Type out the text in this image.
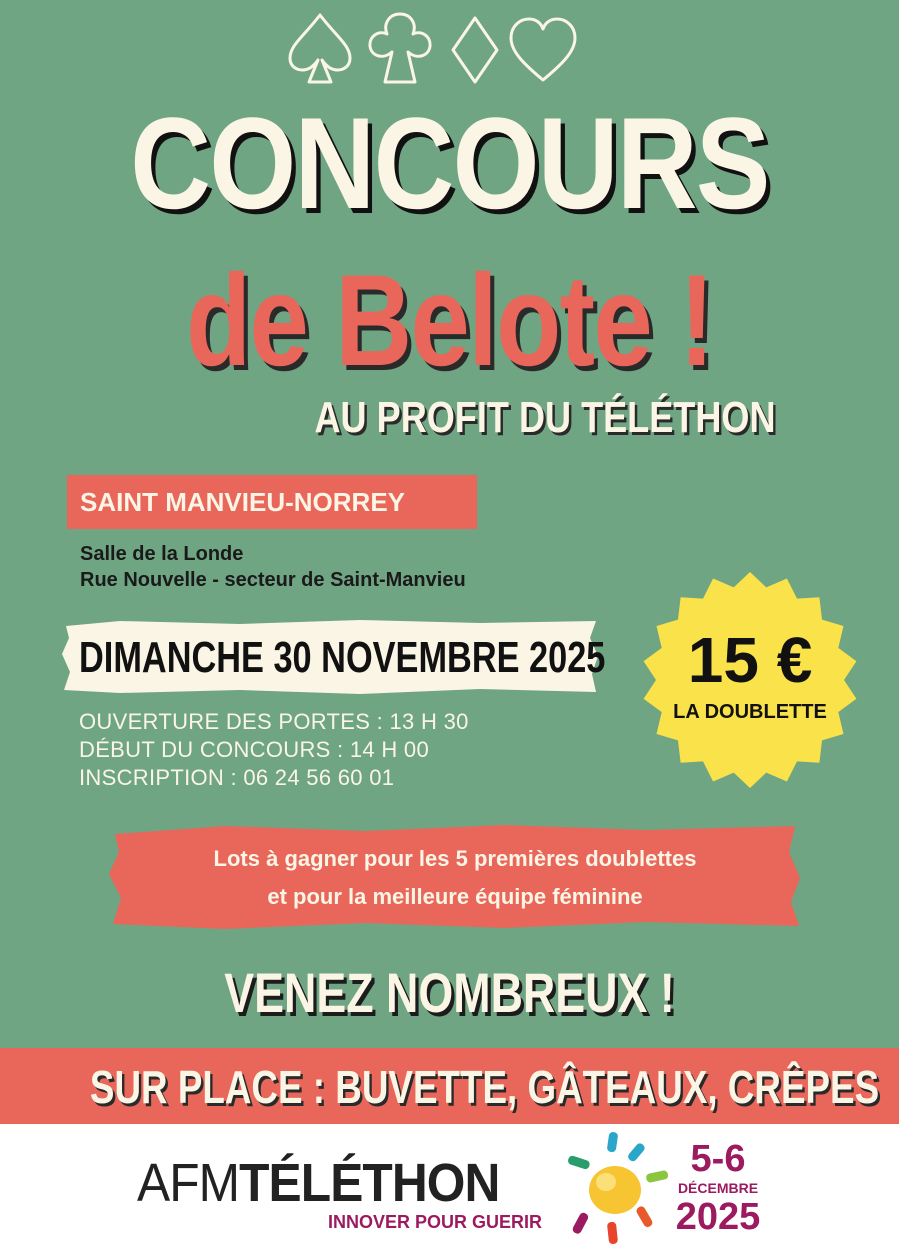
CONCOURS
de Belote !
AU PROFIT DU TÉLÉTHON
SAINT MANVIEU-NORREY
Salle de la Londe
Rue Nouvelle - secteur de Saint-Manvieu
DIMANCHE 30 NOVEMBRE 2025
OUVERTURE DES PORTES : 13 H 30
DÉBUT DU CONCOURS : 14 H 00
INSCRIPTION : 06 24 56 60 01
15 €
LA DOUBLETTE
Lots à gagner pour les 5 premières doublettes
et pour la meilleure équipe féminine
VENEZ NOMBREUX !
SUR PLACE : BUVETTE, GÂTEAUX, CRÊPES
AFMTÉLÉTHON
INNOVER POUR GUERIR
5-6
DÉCEMBRE
2025
